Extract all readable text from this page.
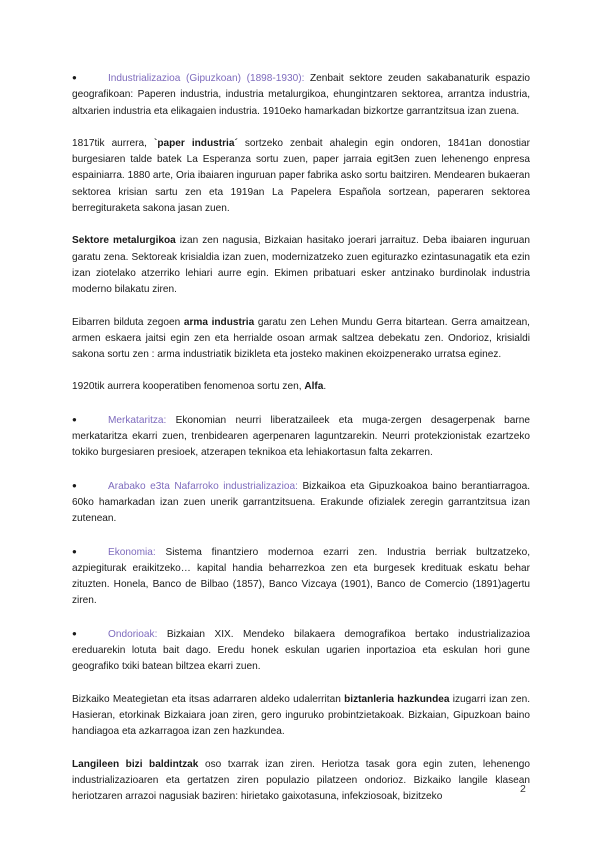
●	Industrializazioa (Gipuzkoan) (1898-1930): Zenbait sektore zeuden sakabanaturik espazio geografikoan: Paperen industria, industria metalurgikoa, ehungintzaren sektorea, arrantza industria, altxarien industria eta elikagaien industria. 1910eko hamarkadan bizkortze garrantzitsua izan zuena.

1817tik aurrera, `paper industria´ sortzeko zenbait ahalegin egin ondoren, 1841an donostiar burgesiaren talde batek La Esperanza sortu zuen, paper jarraia egit3en zuen lehenengo enpresa espainiarra. 1880 arte, Oria ibaiaren inguruan paper fabrika asko sortu baitziren. Mendearen bukaeran sektorea krisian sartu zen eta 1919an La Papelera Española sortzean, paperaren sektorea berregituraketa sakona jasan zuen.

Sektore metalurgikoa izan zen nagusia, Bizkaian hasitako joerari jarraituz. Deba ibaiaren inguruan garatu zena. Sektoreak krisialdia izan zuen, modernizatzeko zuen egiturazko ezintasunagatik eta ezin izan ziotelako atzerriko lehiari aurre egin. Ekimen pribatuari esker antzinako burdinolak industria moderno bilakatu ziren.

Eibarren bilduta zegoen arma industria garatu zen Lehen Mundu Gerra bitartean. Gerra amaitzean, armen eskaera jaitsi egin zen eta herrialde osoan armak saltzea debekatu zen. Ondorioz, krisialdi sakona sortu zen : arma industriatik bizikleta eta josteko makinen ekoizpenerako urratsa eginez.

1920tik aurrera kooperatiben fenomenoa sortu zen, Alfa.

●	Merkataritza: Ekonomian neurri liberatzaileek eta muga-zergen desagerpenak barne merkataritza ekarri zuen, trenbidearen agerpenaren laguntzarekin. Neurri protekzionistak ezartzeko tokiko burgesiaren presioek, atzerapen teknikoa eta lehiakortasun falta zekarren.

●	Arabako e3ta Nafarroko industrializazioa: Bizkaikoa eta Gipuzkoakoa baino berantiarragoa. 60ko hamarkadan izan zuen unerik garrantzitsuena. Erakunde ofizialek zeregin garrantzitsua izan zutenean.

●	Ekonomia: Sistema finantziero modernoa ezarri zen. Industria berriak bultzatzeko, azpiegiturak eraikitzeko… kapital handia beharrezkoa zen eta burgesek kredituak eskatu behar zituzten. Honela, Banco de Bilbao (1857), Banco Vizcaya (1901), Banco de Comercio (1891)agertu ziren.

●	Ondorioak: Bizkaian XIX. Mendeko bilakaera demografikoa bertako industrializazioa ereduarekin lotuta bait dago. Eredu honek eskulan ugarien inportazioa eta eskulan hori gune geografiko txiki batean biltzea ekarri zuen.

Bizkaiko Meategietan eta itsas adarraren aldeko udalerritan biztanleria hazkundea izugarri izan zen. Hasieran, etorkinak Bizkaiara joan ziren, gero inguruko probintzietakoak. Bizkaian, Gipuzkoan baino handiagoa eta azkarragoa izan zen hazkundea.

Langileen bizi baldintzak oso txarrak izan ziren. Heriotza tasak gora egin zuten, lehenengo industrializazioaren eta gertatzen ziren populazio pilatzeen ondorioz. Bizkaiko langile klasean heriotzaren arrazoi nagusiak baziren: hirietako gaixotasuna, infekziosoak, bizitzeko

2
